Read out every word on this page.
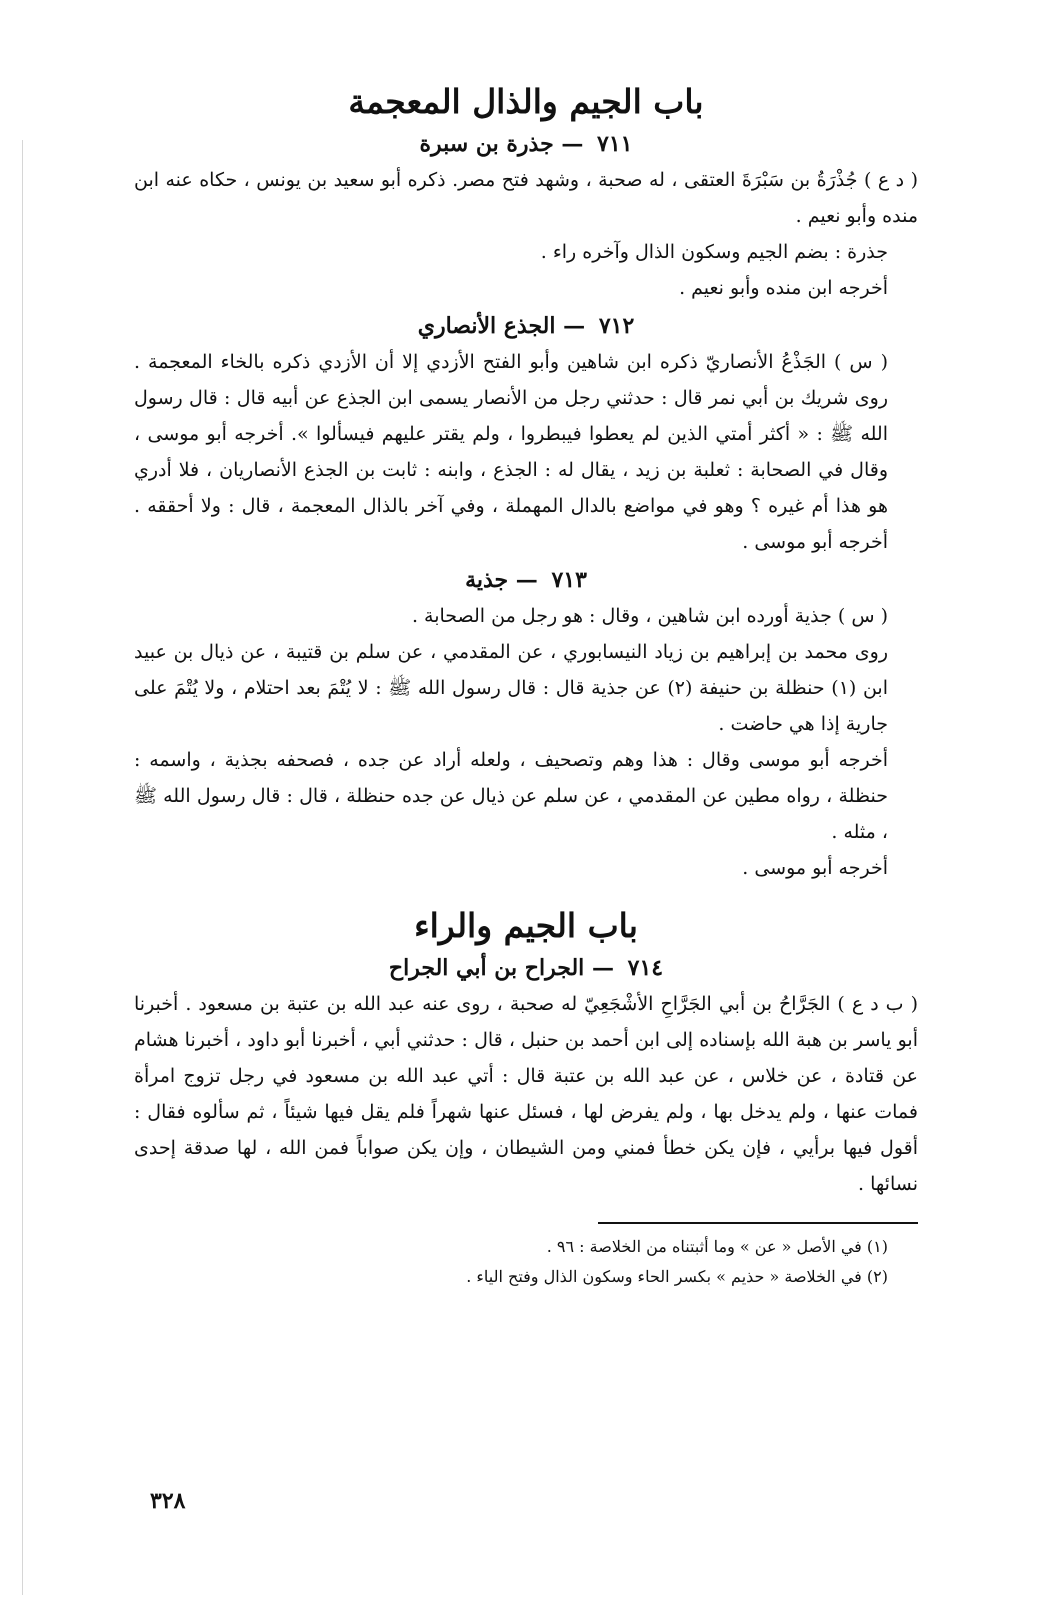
باب الجيم والذال المعجمة
٧١١ — جذرة بن سبرة

( د ع ) جُذْرَةُ بن سَبْرَةَ العتقى ، له صحبة ، وشهد فتح مصر. ذكره أبو سعيد بن يونس ، حكاه عنه ابن منده وأبو نعيم .

جذرة : بضم الجيم وسكون الذال وآخره راء .

أخرجه ابن منده وأبو نعيم .

٧١٢ — الجذع الأنصاري

( س ) الجَذْعُ الأنصاريّ ذكره ابن شاهين وأبو الفتح الأزدي إلا أن الأزدي ذكره بالخاء المعجمة . روى شريك بن أبي نمر قال : حدثني رجل من الأنصار يسمى ابن الجذع عن أبيه قال : قال رسول الله ﷺ : « أكثر أمتي الذين لم يعطوا فيبطروا ، ولم يقتر عليهم فيسألوا ». أخرجه أبو موسى ، وقال في الصحابة : ثعلبة بن زيد ، يقال له : الجذع ، وابنه : ثابت بن الجذع الأنصاريان ، فلا أدري هو هذا أم غيره ؟ وهو في مواضع بالدال المهملة ، وفي آخر بالذال المعجمة ، قال : ولا أحققه . أخرجه أبو موسى .

٧١٣ — جذية

( س ) جذية أورده ابن شاهين ، وقال : هو رجل من الصحابة .

روى محمد بن إبراهيم بن زياد النيسابوري ، عن المقدمي ، عن سلم بن قتيبة ، عن ذيال بن عبيد ابن (١) حنظلة بن حنيفة (٢) عن جذية قال : قال رسول الله ﷺ : لا يُتْمَ بعد احتلام ، ولا يُتْمَ على جارية إذا هي حاضت .

أخرجه أبو موسى وقال : هذا وهم وتصحيف ، ولعله أراد عن جده ، فصحفه بجذية ، واسمه : حنظلة ، رواه مطين عن المقدمي ، عن سلم عن ذيال عن جده حنظلة ، قال : قال رسول الله ﷺ ، مثله .

أخرجه أبو موسى .

باب الجيم والراء
٧١٤ — الجراح بن أبي الجراح

( ب د ع ) الجَرَّاحُ بن أبي الجَرَّاحِ الأشْجَعِيّ له صحبة ، روى عنه عبد الله بن عتبة بن مسعود . أخبرنا أبو ياسر بن هبة الله بإسناده إلى ابن أحمد بن حنبل ، قال : حدثني أبي ، أخبرنا أبو داود ، أخبرنا هشام عن قتادة ، عن خلاس ، عن عبد الله بن عتبة قال : أتي عبد الله بن مسعود في رجل تزوج امرأة فمات عنها ، ولم يدخل بها ، ولم يفرض لها ، فسئل عنها شهراً فلم يقل فيها شيئاً ، ثم سألوه فقال : أقول فيها برأيي ، فإن يكن خطأ فمني ومن الشيطان ، وإن يكن صواباً فمن الله ، لها صدقة إحدى نسائها .

(١) في الأصل « عن » وما أثبتناه من الخلاصة : ٩٦ .

(٢) في الخلاصة « حذيم » بكسر الحاء وسكون الذال وفتح الياء .

٣٢٨
